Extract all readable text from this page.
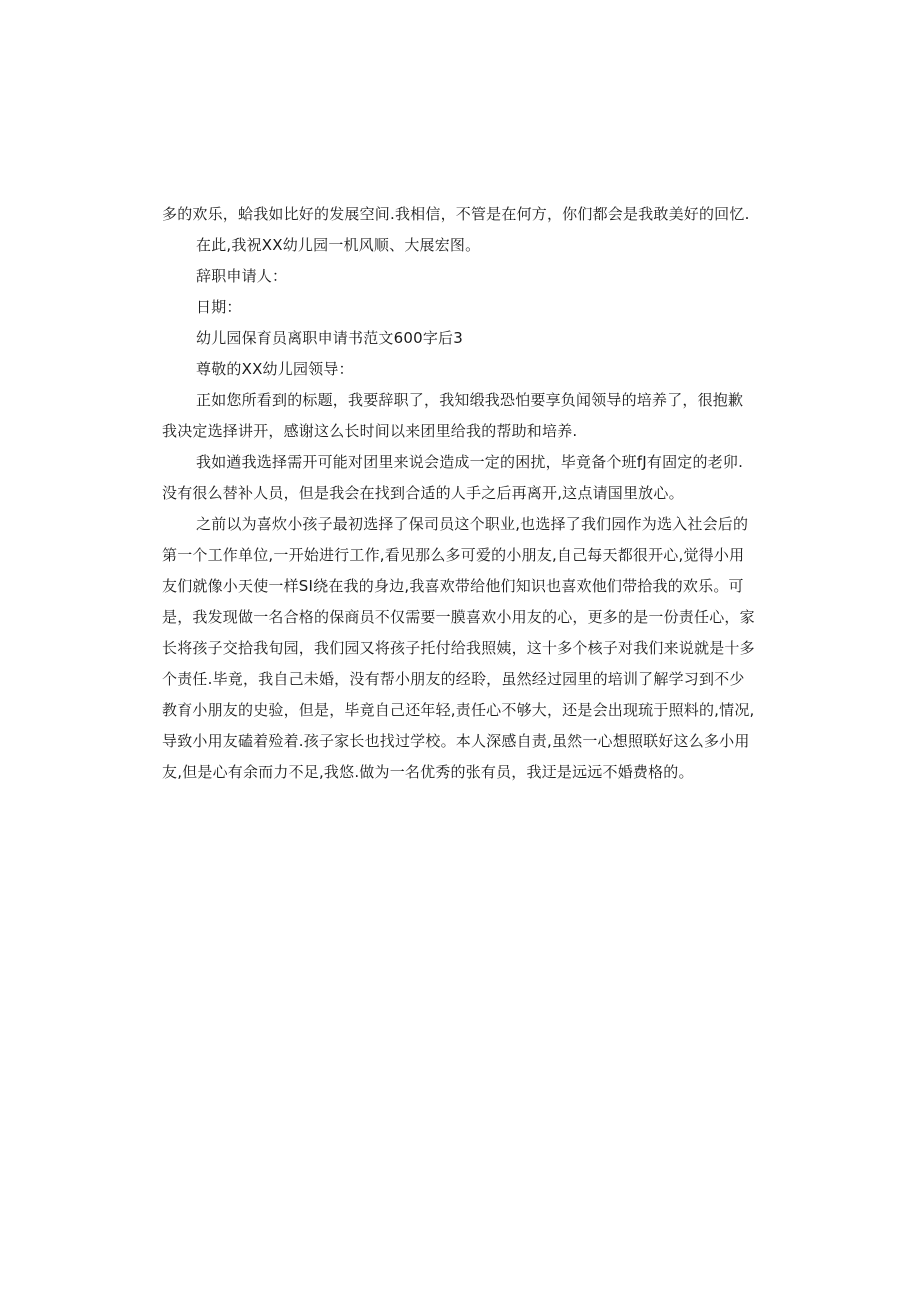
多的欢乐，蛤我如比好的发展空间.我相信，不管是在何方，你们都会是我敢美好的回忆.

在此,我祝XX幼儿园一机风顺、大展宏图。

辞职申请人：

日期：

幼儿园保育员离职申请书范文600字后3

尊敬的XX幼儿园领导：

正如您所看到的标题，我要辞职了，我知缎我恐怕要享负闻领导的培养了，很抱歉

我决定选择讲开，感谢这么长时间以来团里给我的帮助和培养.

我如遒我选择需开可能对团里来说会造成一定的困扰，毕竟备个班fJ有固定的老卯.

没有很么替补人员，但是我会在找到合适的人手之后再离开,这点请国里放心。

之前以为喜炊小孩子最初选择了保司员这个职业,也选择了我们园作为选入社会后的

第一个工作单位,一开始进行工作,看见那么多可爱的小朋友,自己每天都很开心,觉得小用

友们就像小天使一样SI绕在我的身边,我喜欢带给他们知识也喜欢他们带拾我的欢乐。可

是，我发现做一名合格的保商员不仅需要一膜喜欢小用友的心，更多的是一份责任心，家

长将孩子交拾我旬园，我们园又将孩子托付给我照姨，这十多个核子对我们来说就是十多

个责任.毕竟，我自己未婚，没有帮小朋友的经聆，虽然经过园里的培训了解学习到不少

教育小朋友的史验，但是，毕竟自己还年轻,责任心不够大，还是会出现琉于照料的,情况,

导致小用友磕着殓着.孩子家长也找过学校。本人深感自责,虽然一心想照联好这么多小用

友,但是心有余而力不足,我悠.做为一名优秀的张有员，我迂是远远不婚费格的。
